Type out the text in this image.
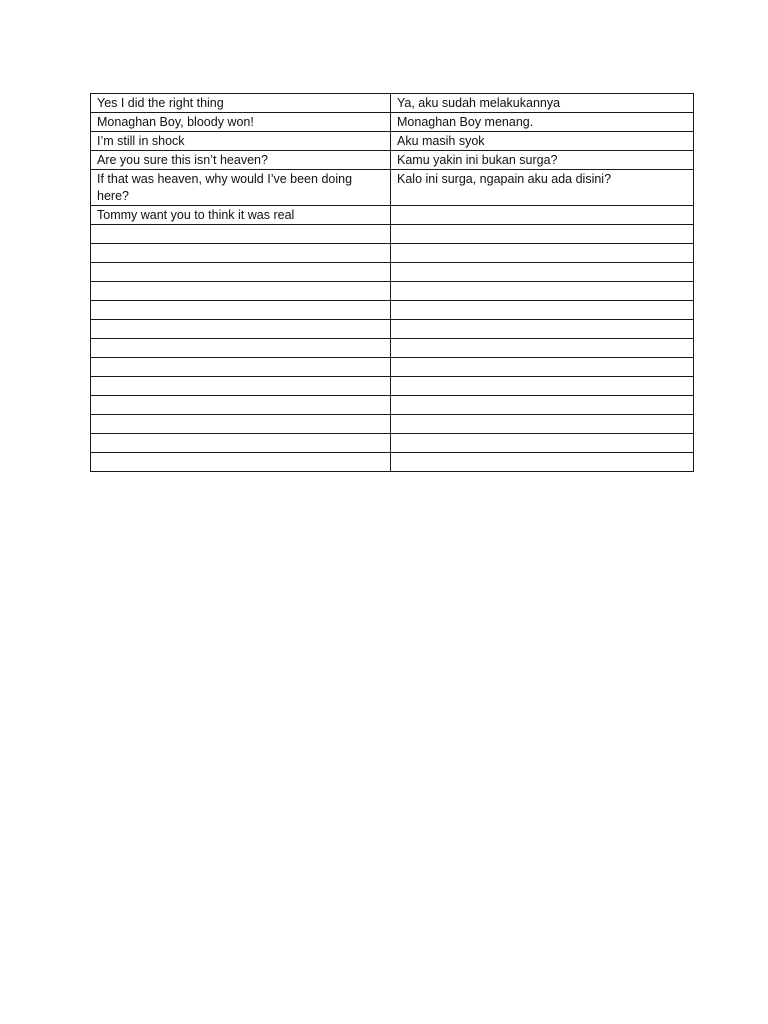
Yes I did the right thing	Ya, aku sudah melakukannya
Monaghan Boy, bloody won!	Monaghan Boy menang.
I’m still in shock	Aku masih syok
Are you sure this isn’t heaven?	Kamu yakin ini bukan surga?
If that was heaven, why would I’ve been doing here?	Kalo ini surga, ngapain aku ada disini?
Tommy want you to think it was real	
